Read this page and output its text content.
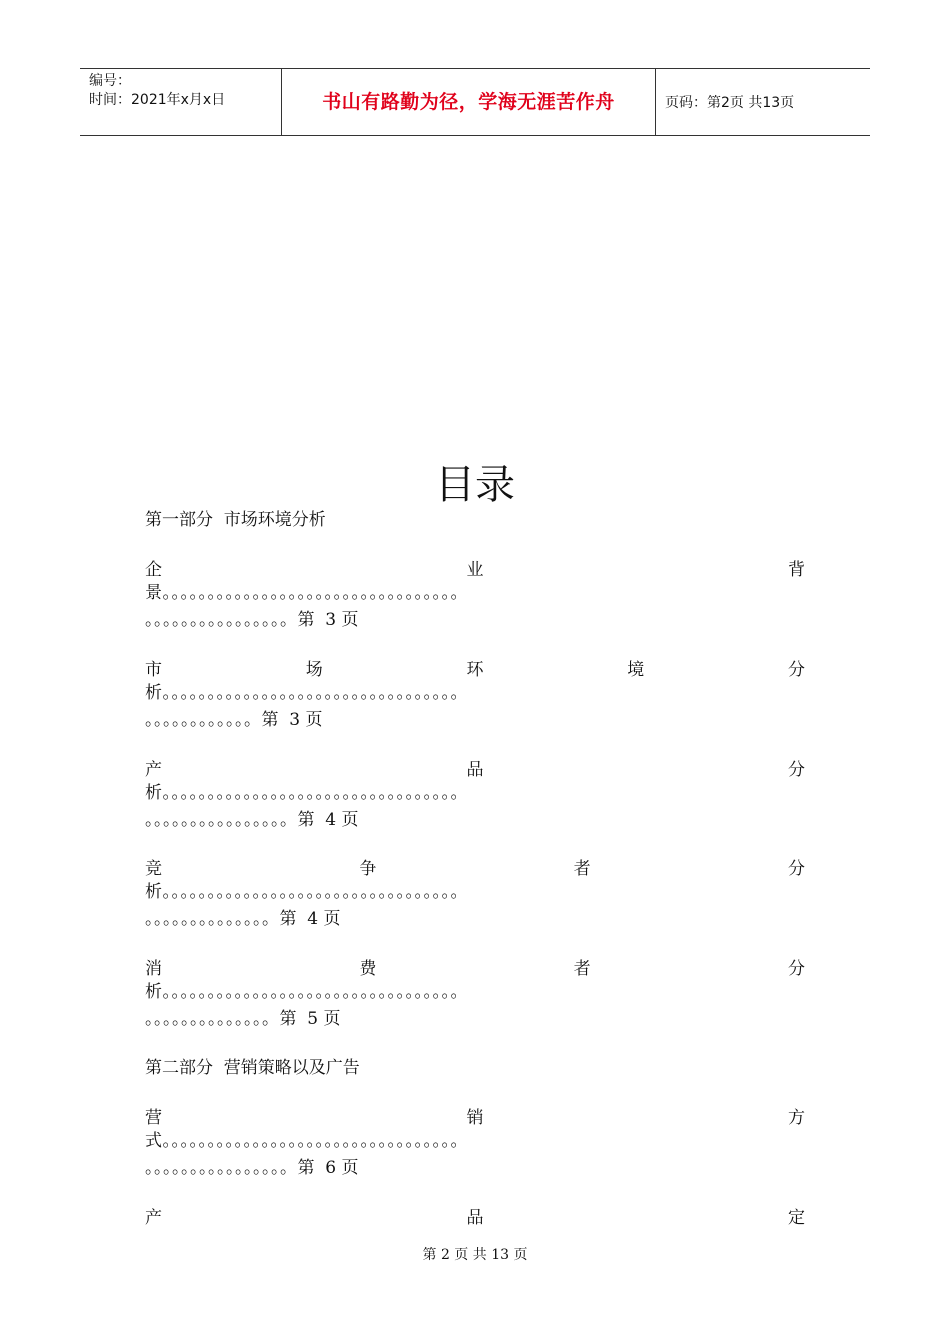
编号：
时间：2021年x月x日	书山有路勤为径，学海无涯苦作舟	页码：第2页 共13页
目录
第一部分  市场环境分析
企	业	背
景。。。。。。。。。。。。。。。。。。。。。。。。。。。。。。。。。
。。。。。。。。。。。。。。。。第  3 页
市	场	环	境	分
析。。。。。。。。。。。。。。。。。。。。。。。。。。。。。。。。。
。。。。。。。。。。。。第  3 页
产	品	分
析。。。。。。。。。。。。。。。。。。。。。。。。。。。。。。。。。
。。。。。。。。。。。。。。。。第  4 页
竞	争	者	分
析。。。。。。。。。。。。。。。。。。。。。。。。。。。。。。。。。
。。。。。。。。。。。。。。第  4 页
消	费	者	分
析。。。。。。。。。。。。。。。。。。。。。。。。。。。。。。。。。
。。。。。。。。。。。。。。第  5 页
第二部分  营销策略以及广告
营	销	方
式。。。。。。。。。。。。。。。。。。。。。。。。。。。。。。。。。
。。。。。。。。。。。。。。。。第  6 页
产	品	定
第 2 页 共 13 页
